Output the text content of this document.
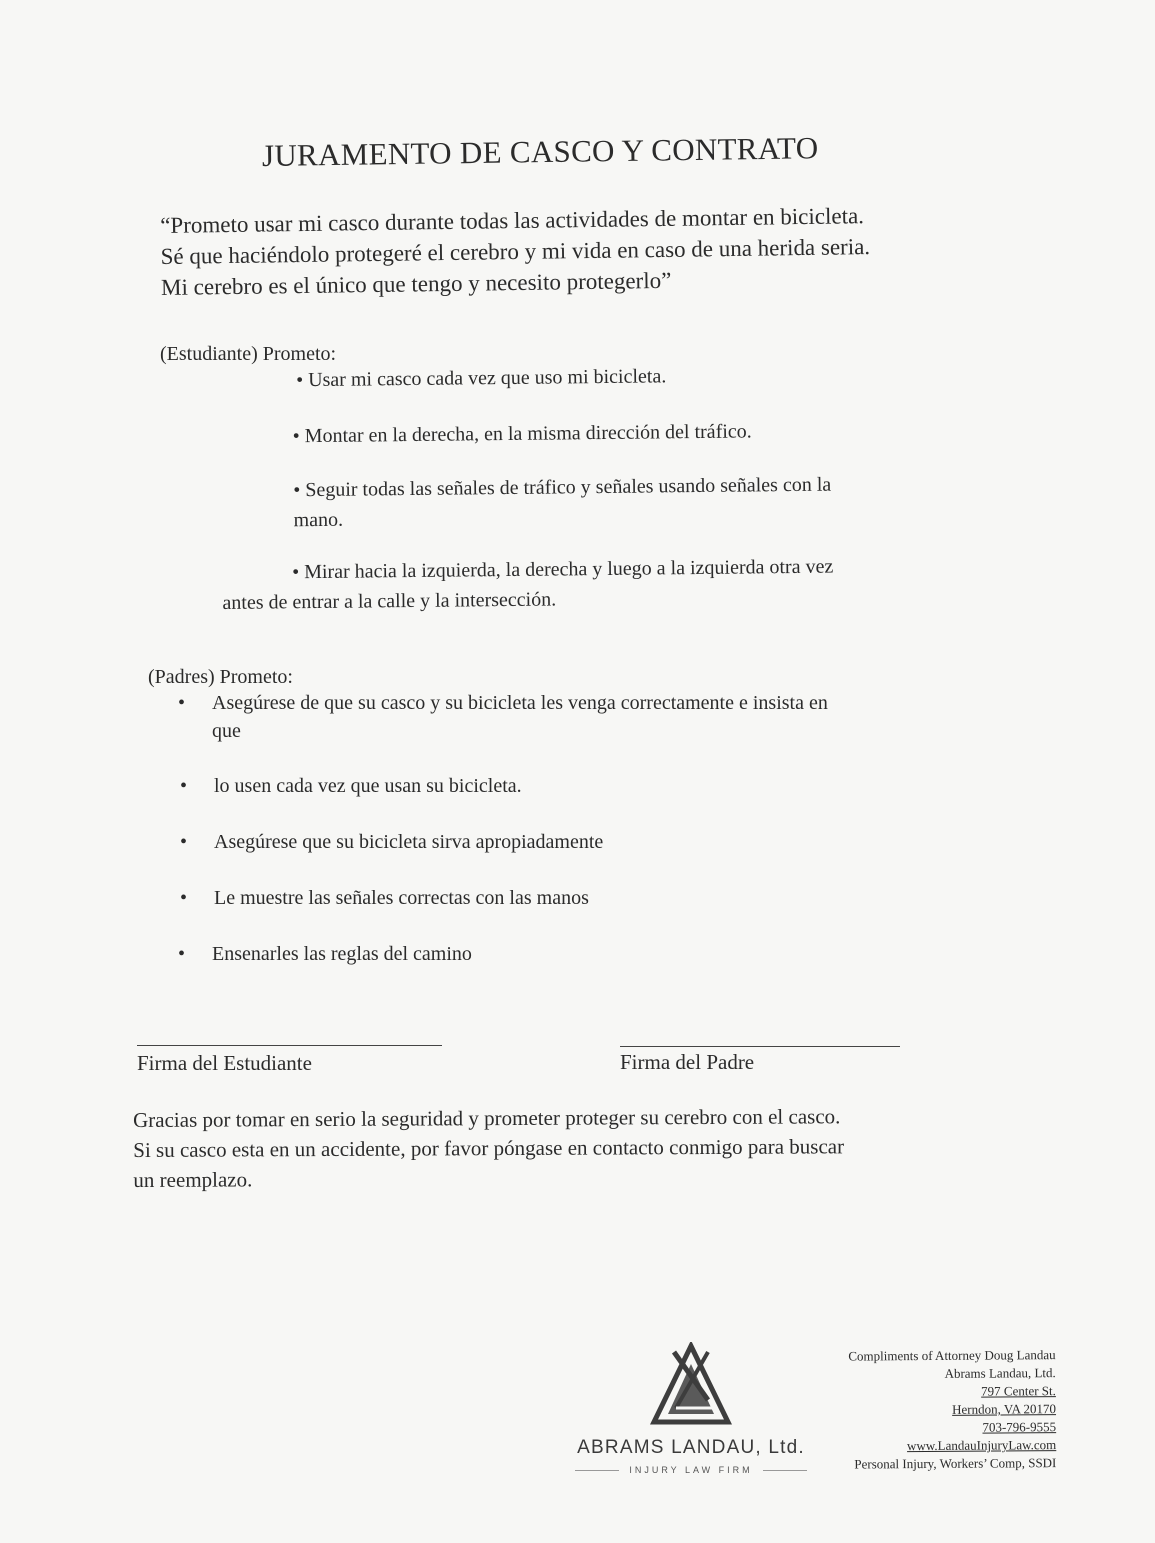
JURAMENTO DE CASCO Y CONTRATO
“Prometo usar mi casco durante todas las actividades de montar en bicicleta.
Sé que haciéndolo protegeré el cerebro y mi vida en caso de una herida seria.
Mi cerebro es el único que tengo y necesito protegerlo”

(Estudiante) Prometo:

• Usar mi casco cada vez que uso mi bicicleta.
• Montar en la derecha, en la misma dirección del tráfico.
• Seguir todas las señales de tráfico y señales usando señales con la
mano.
• Mirar hacia la izquierda, la derecha y luego a la izquierda otra vez
antes de entrar a la calle y la intersección.

(Padres) Prometo:

• Asegúrese de que su casco y su bicicleta les venga correctamente e insista en
que
• lo usen cada vez que usan su bicicleta.
• Asegúrese que su bicicleta sirva apropiadamente
• Le muestre las señales correctas con las manos
• Ensenarles las reglas del camino

Firma del Estudiante	Firma del Padre

Gracias por tomar en serio la seguridad y prometer proteger su cerebro con el casco.
Si su casco esta en un accidente, por favor póngase en contacto conmigo para buscar
un reemplazo.
ABRAMS LANDAU, Ltd.
INJURY LAW FIRM
Compliments of Attorney Doug Landau
Abrams Landau, Ltd.
797 Center St.
Herndon, VA 20170
703-796-9555
www.LandauInjuryLaw.com
Personal Injury, Workers’ Comp, SSDI
